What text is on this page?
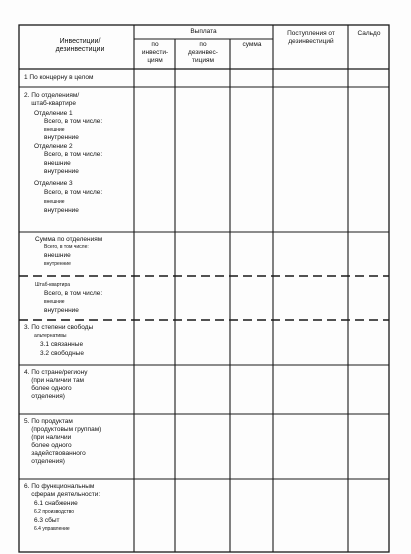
Инвестиции/
дезинвестиции
Выплата
по
инвести-
циям
по
дезинвес-
тициям
сумма
Поступления от
дезинвестиций
Сальдо
1 По концерну в целом
2. По отделениям/
штаб-квартире
Отделение 1
Всего, в том числе:
внешние
внутренние
Отделение 2
Всего, в том числе:
внешние
внутренние
Отделение 3
Всего, в том числе:
внешние
внутренние
Сумма по отделениям
Всего, в том числе:
внешние
внутренние
Штаб-квартира
Всего, в том числе:
внешние
внутренние
3. По степени свободы
альтернативы
3.1 связанные
3.2 свободные
4. По стране/региону
(при наличии там
более одного
отделения)
5. По продуктам
(продуктовым группам)
(при наличии
более одного
задействованного
отделения)
6. По функциональным
сферам деятельности:
6.1 снабжение
6.2 производство
6.3 сбыт
6.4 управление
